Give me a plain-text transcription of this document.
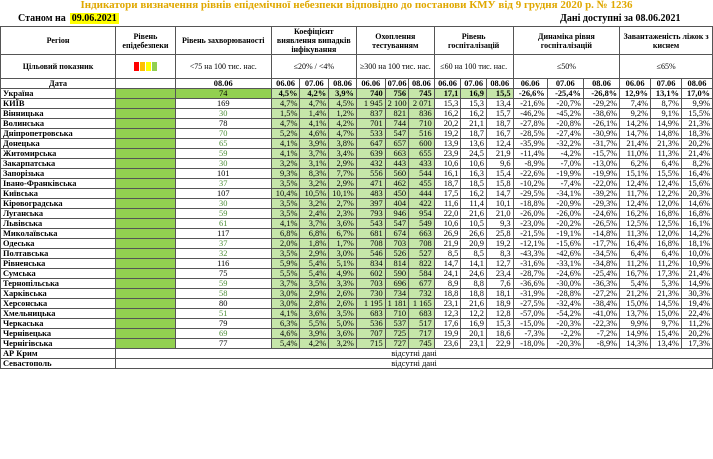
Індикатори визначення рівнів епідемічної небезпеки відповідно до постанови КМУ від 9 грудня 2020 р. № 1236
Станом на 09.06.2021	Дані доступні за 08.06.2021
Регіон	Рівень епідебезпеки	Рівень захворюваності	Коефіцієнт виявлення випадків інфікування			Охоплення тестуванням			Рівень госпіталізацій			Динаміка рівня госпіталізацій			Завантаженість ліжок з киснем		
Цільовий показник		<75 на 100 тис. нас.	≤20% / <4%			≥300 на 100 тис. нас.			≤60 на 100 тис. нас.			≤50%			≤65%		
Дата		08.06	06.06	07.06	08.06	06.06	07.06	08.06	06.06	07.06	08.06	06.06	07.06	08.06	06.06	07.06	08.06
Україна		74	4,5%	4,2%	3,9%	740	756	745	17,1	16,9	15,5	-26,6%	-25,4%	-26,8%	12,9%	13,1%	17,0%
КИЇВ		169	4,7%	4,7%	4,5%	1 945	2 100	2 071	15,3	15,3	13,4	-21,6%	-20,7%	-29,2%	7,4%	8,7%	9,9%
Вінницька		30	1,5%	1,4%	1,2%	837	821	836	16,2	16,2	15,7	-46,2%	-45,2%	-38,6%	9,2%	9,1%	15,5%
Волинська		78	4,7%	4,1%	4,2%	701	744	710	20,2	21,1	18,7	-27,8%	-20,8%	-26,1%	14,2%	14,9%	21,3%
Дніпропетровська		70	5,2%	4,6%	4,7%	533	547	516	19,2	18,7	16,7	-28,5%	-27,4%	-30,9%	14,7%	14,8%	18,3%
Донецька		65	4,1%	3,9%	3,8%	647	657	600	13,9	13,6	12,4	-35,9%	-32,2%	-31,7%	21,4%	21,3%	20,2%
Житомирська		59	4,1%	3,7%	3,4%	639	663	655	23,9	24,5	21,9	-11,4%	-4,2%	-15,7%	11,0%	11,3%	21,4%
Закарпатська		30	3,2%	3,1%	2,9%	432	443	433	10,6	10,6	9,6	-8,9%	-7,0%	-13,0%	6,2%	6,4%	8,2%
Запорізька		101	9,3%	8,3%	7,7%	556	560	544	16,1	16,3	15,4	-22,6%	-19,9%	-19,9%	15,1%	15,5%	16,4%
Івано-Франківська		37	3,5%	3,2%	2,9%	471	462	455	18,7	18,5	15,8	-10,2%	-7,4%	-22,0%	12,4%	12,4%	15,6%
Київська		107	10,4%	10,5%	10,1%	483	450	444	17,5	16,2	14,7	-29,5%	-34,1%	-39,2%	11,7%	12,2%	20,3%
Кіровоградська		30	3,5%	3,2%	2,7%	397	404	422	11,6	11,4	10,1	-18,8%	-20,9%	-29,3%	12,4%	12,0%	14,6%
Луганська		59	3,5%	2,4%	2,3%	793	946	954	22,0	21,6	21,0	-26,0%	-26,0%	-24,6%	16,2%	16,8%	16,8%
Львівська		61	4,1%	3,7%	3,6%	543	547	549	10,6	10,5	9,3	-23,0%	-20,2%	-26,5%	12,5%	12,5%	16,1%
Миколаївська		117	6,8%	6,8%	6,7%	681	674	663	26,9	26,6	25,8	-21,5%	-19,1%	-14,8%	11,3%	12,0%	14,2%
Одеська		37	2,0%	1,8%	1,7%	708	703	708	21,9	20,9	19,2	-12,1%	-15,6%	-17,7%	16,4%	16,8%	18,1%
Полтавська		32	3,5%	2,9%	3,0%	546	526	527	8,5	8,5	8,3	-43,3%	-42,6%	-34,5%	6,4%	6,4%	10,0%
Рівненська		116	5,9%	5,4%	5,1%	834	814	822	14,7	14,1	12,7	-31,6%	-33,1%	-34,8%	11,2%	11,2%	10,9%
Сумська		75	5,5%	5,4%	4,9%	602	590	584	24,1	24,6	23,4	-28,7%	-24,6%	-25,4%	16,7%	17,3%	21,4%
Тернопільська		59	3,7%	3,5%	3,3%	703	696	677	8,9	8,8	7,6	-36,6%	-30,0%	-36,3%	5,4%	5,3%	14,9%
Харківська		58	3,0%	2,9%	2,6%	730	734	732	18,8	18,8	18,1	-31,9%	-28,8%	-27,2%	21,2%	21,3%	30,3%
Херсонська		80	3,0%	2,8%	2,6%	1 195	1 181	1 165	23,1	21,6	18,9	-27,5%	-32,4%	-38,4%	15,0%	14,5%	19,4%
Хмельницька		51	4,1%	3,6%	3,5%	683	710	683	12,3	12,2	12,8	-57,0%	-54,2%	-41,0%	13,7%	15,0%	22,4%
Черкаська		79	6,3%	5,5%	5,0%	536	537	517	17,6	16,9	15,3	-15,0%	-20,3%	-22,3%	9,9%	9,7%	11,2%
Чернівецька		69	4,6%	3,9%	3,6%	707	725	717	19,9	20,1	18,6	-7,3%	-2,2%	-7,2%	14,9%	15,4%	20,2%
Чернігівська		77	5,4%	4,2%	3,2%	715	727	745	23,6	23,1	22,9	-18,0%	-20,3%	-8,9%	14,3%	13,4%	17,3%
АР Крим	відсутні дані																
Севастополь	відсутні дані																
